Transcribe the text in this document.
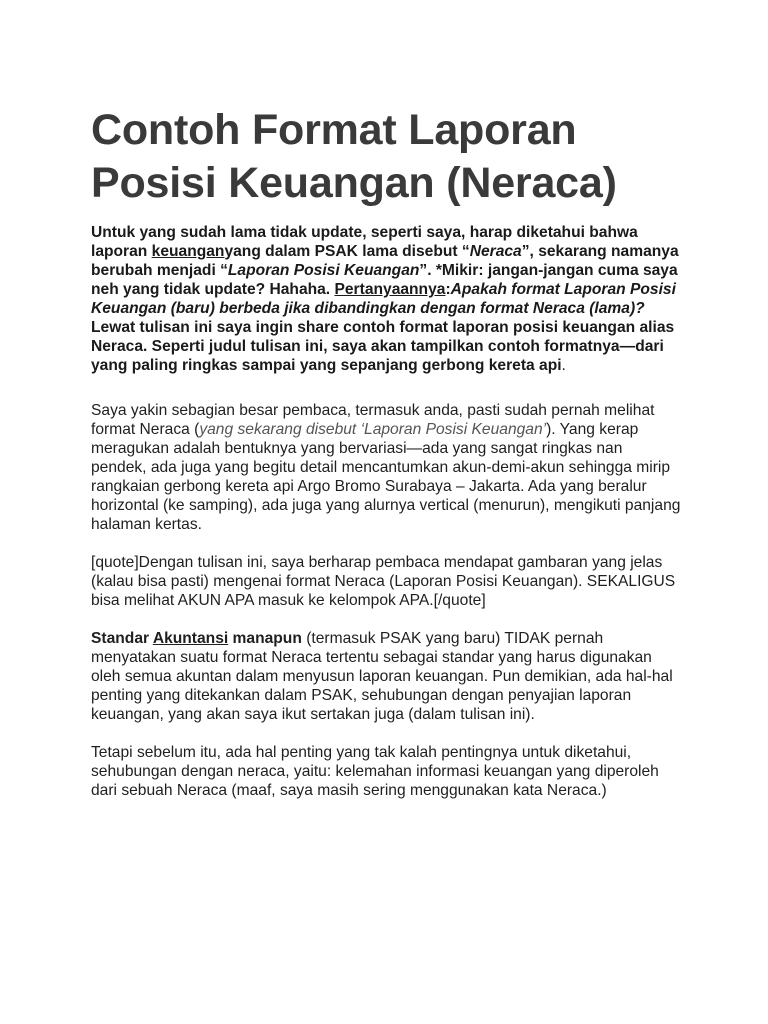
Contoh Format Laporan Posisi Keuangan (Neraca)

Untuk yang sudah lama tidak update, seperti saya, harap diketahui bahwa laporan keuanganyang dalam PSAK lama disebut “Neraca”, sekarang namanya berubah menjadi “Laporan Posisi Keuangan”. *Mikir: jangan-jangan cuma saya neh yang tidak update? Hahaha. Pertanyaannya:Apakah format Laporan Posisi Keuangan (baru) berbeda jika dibandingkan dengan format Neraca (lama)? Lewat tulisan ini saya ingin share contoh format laporan posisi keuangan alias Neraca. Seperti judul tulisan ini, saya akan tampilkan contoh formatnya—dari yang paling ringkas sampai yang sepanjang gerbong kereta api.

Saya yakin sebagian besar pembaca, termasuk anda, pasti sudah pernah melihat format Neraca (yang sekarang disebut ‘Laporan Posisi Keuangan’). Yang kerap meragukan adalah bentuknya yang bervariasi—ada yang sangat ringkas nan pendek, ada juga yang begitu detail mencantumkan akun-demi-akun sehingga mirip rangkaian gerbong kereta api Argo Bromo Surabaya – Jakarta. Ada yang beralur horizontal (ke samping), ada juga yang alurnya vertical (menurun), mengikuti panjang halaman kertas.

[quote]Dengan tulisan ini, saya berharap pembaca mendapat gambaran yang jelas (kalau bisa pasti) mengenai format Neraca (Laporan Posisi Keuangan). SEKALIGUS bisa melihat AKUN APA masuk ke kelompok APA.[/quote]

Standar Akuntansi manapun (termasuk PSAK yang baru) TIDAK pernah menyatakan suatu format Neraca tertentu sebagai standar yang harus digunakan oleh semua akuntan dalam menyusun laporan keuangan. Pun demikian, ada hal-hal penting yang ditekankan dalam PSAK, sehubungan dengan penyajian laporan keuangan, yang akan saya ikut sertakan juga (dalam tulisan ini).

Tetapi sebelum itu, ada hal penting yang tak kalah pentingnya untuk diketahui, sehubungan dengan neraca, yaitu: kelemahan informasi keuangan yang diperoleh dari sebuah Neraca (maaf, saya masih sering menggunakan kata Neraca.)
